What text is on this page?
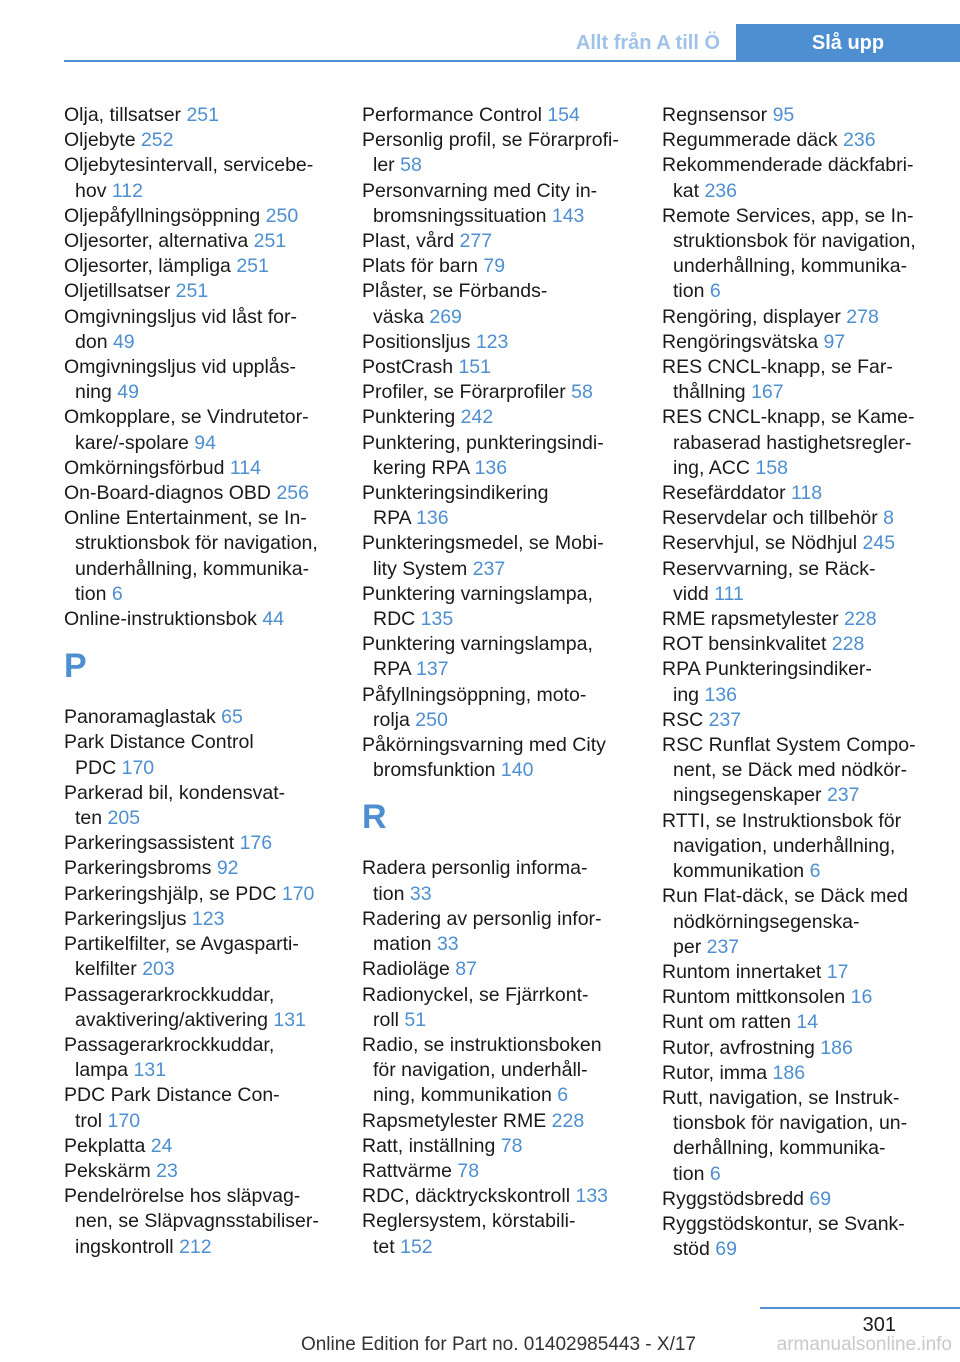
Allt från A till Ö	Slå upp
Olja, tillsatser 251
Oljebyte 252
Oljebytesintervall, servicebe-
hov 112
Oljepåfyllningsöppning 250
Oljesorter, alternativa 251
Oljesorter, lämpliga 251
Oljetillsatser 251
Omgivningsljus vid låst for-
don 49
Omgivningsljus vid upplås-
ning 49
Omkopplare, se Vindrutetor-
kare/-spolare 94
Omkörningsförbud 114
On-Board-diagnos OBD 256
Online Entertainment, se In-
struktionsbok för navigation,
underhållning, kommunika-
tion 6
Online-instruktionsbok 44
P
Panoramaglastak 65
Park Distance Control
PDC 170
Parkerad bil, kondensvat-
ten 205
Parkeringsassistent 176
Parkeringsbroms 92
Parkeringshjälp, se PDC 170
Parkeringsljus 123
Partikelfilter, se Avgasparti-
kelfilter 203
Passagerarkrockkuddar,
avaktivering/aktivering 131
Passagerarkrockkuddar,
lampa 131
PDC Park Distance Con-
trol 170
Pekplatta 24
Pekskärm 23
Pendelrörelse hos släpvag-
nen, se Släpvagnsstabiliser-
ingskontroll 212
Performance Control 154
Personlig profil, se Förarprofi-
ler 58
Personvarning med City in-
bromsningssituation 143
Plast, vård 277
Plats för barn 79
Plåster, se Förbands-
väska 269
Positionsljus 123
PostCrash 151
Profiler, se Förarprofiler 58
Punktering 242
Punktering, punkteringsindi-
kering RPA 136
Punkteringsindikering
RPA 136
Punkteringsmedel, se Mobi-
lity System 237
Punktering varningslampa,
RDC 135
Punktering varningslampa,
RPA 137
Påfyllningsöppning, moto-
rolja 250
Påkörningsvarning med City
bromsfunktion 140
R
Radera personlig informa-
tion 33
Radering av personlig infor-
mation 33
Radioläge 87
Radionyckel, se Fjärrkont-
roll 51
Radio, se instruktionsboken
för navigation, underhåll-
ning, kommunikation 6
Rapsmetylester RME 228
Ratt, inställning 78
Rattvärme 78
RDC, däcktryckskontroll 133
Reglersystem, körstabili-
tet 152
Regnsensor 95
Regummerade däck 236
Rekommenderade däckfabri-
kat 236
Remote Services, app, se In-
struktionsbok för navigation,
underhållning, kommunika-
tion 6
Rengöring, displayer 278
Rengöringsvätska 97
RES CNCL-knapp, se Far-
thållning 167
RES CNCL-knapp, se Kame-
rabaserad hastighetsregler-
ing, ACC 158
Resefärddator 118
Reservdelar och tillbehör 8
Reservhjul, se Nödhjul 245
Reservvarning, se Räck-
vidd 111
RME rapsmetylester 228
ROT bensinkvalitet 228
RPA Punkteringsindiker-
ing 136
RSC 237
RSC Runflat System Compo-
nent, se Däck med nödkör-
ningsegenskaper 237
RTTI, se Instruktionsbok för
navigation, underhållning,
kommunikation 6
Run Flat-däck, se Däck med
nödkörningsegenska-
per 237
Runtom innertaket 17
Runtom mittkonsolen 16
Runt om ratten 14
Rutor, avfrostning 186
Rutor, imma 186
Rutt, navigation, se Instruk-
tionsbok för navigation, un-
derhållning, kommunika-
tion 6
Ryggstödsbredd 69
Ryggstödskontur, se Svank-
stöd 69
301
Online Edition for Part no. 01402985443 - X/17	armanualsonline.info
